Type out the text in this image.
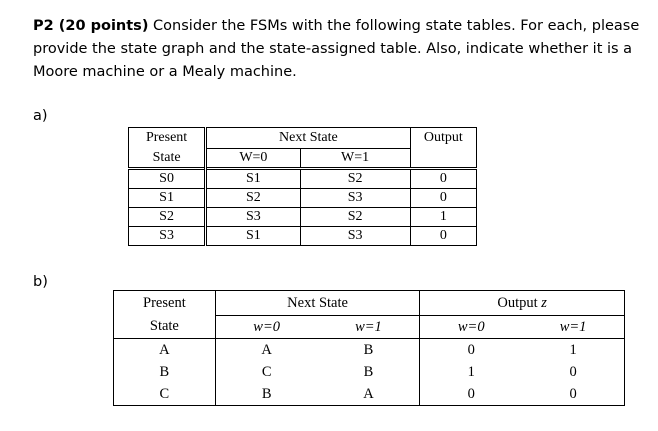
P2 (20 points) Consider the FSMs with the following state tables. For each, please provide the state graph and the state-assigned table. Also, indicate whether it is a Moore machine or a Mealy machine.
a)
Present	Next State		Output
State	W=0	W=1	
S0	S1	S2	0
S1	S2	S3	0
S2	S3	S2	1
S3	S1	S3	0
b)
Present	Next State		Output z	
State	w=0	w=1	w=0	w=1
A	A	B	0	1
B	C	B	1	0
C	B	A	0	0
